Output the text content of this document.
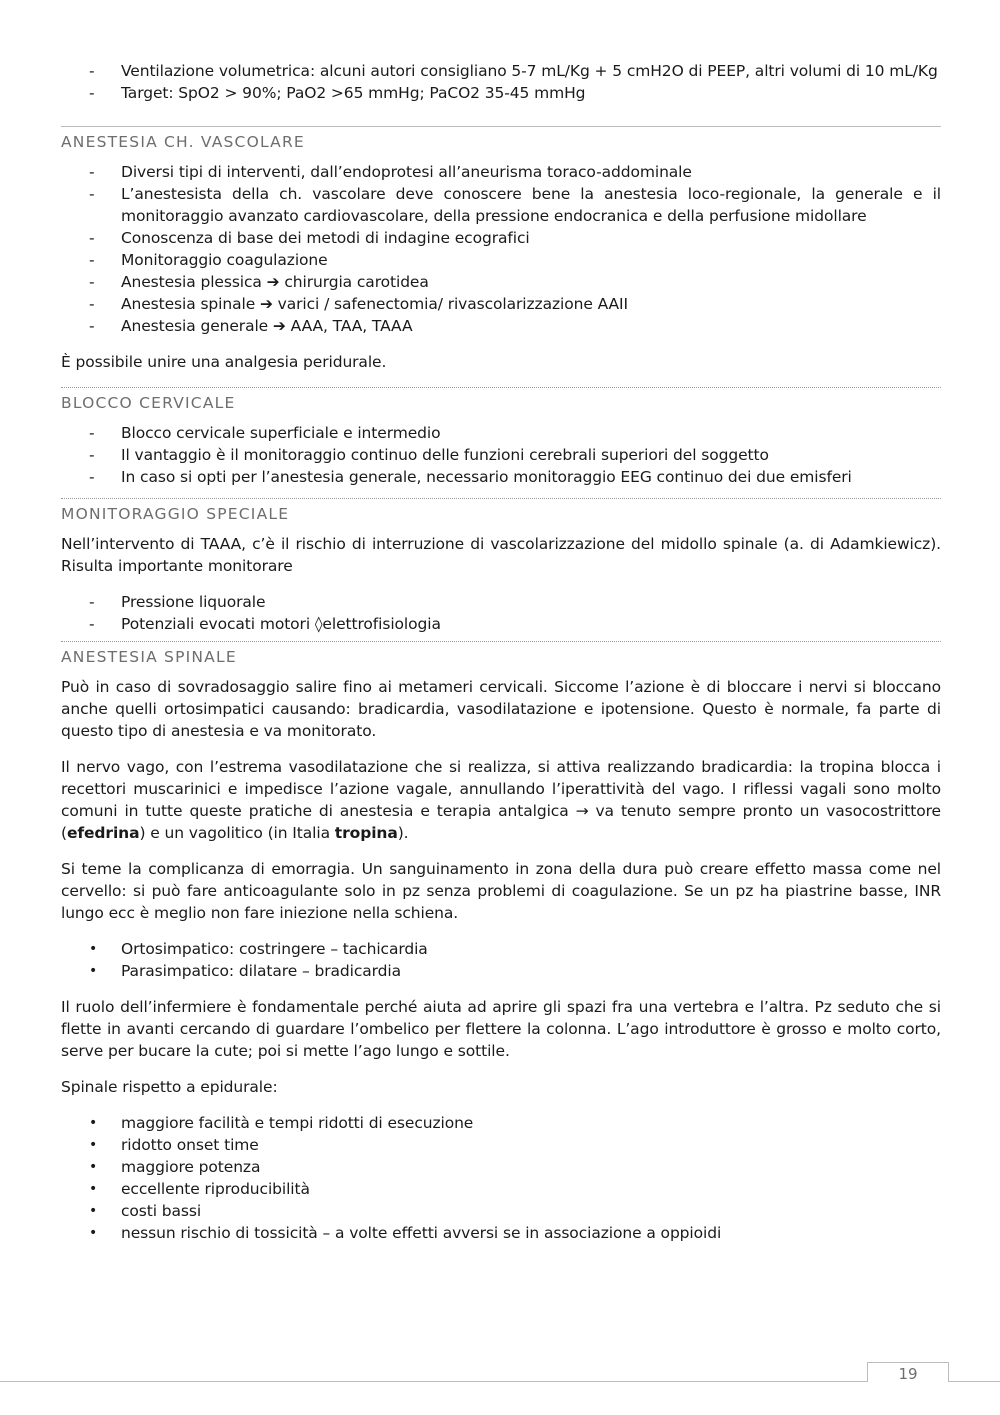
- Ventilazione volumetrica: alcuni autori consigliano 5-7 mL/Kg + 5 cmH2O di PEEP, altri volumi di 10 mL/Kg
- Target: SpO2 > 90%; PaO2 >65 mmHg; PaCO2 35-45 mmHg
ANESTESIA CH. VASCOLARE
- Diversi tipi di interventi, dall’endoprotesi all’aneurisma toraco-addominale
- L’anestesista della ch. vascolare deve conoscere bene la anestesia loco-regionale, la generale e il monitoraggio avanzato cardiovascolare, della pressione endocranica e della perfusione midollare
- Conoscenza di base dei metodi di indagine ecografici
- Monitoraggio coagulazione
- Anestesia plessica ➔ chirurgia carotidea
- Anestesia spinale ➔ varici / safenectomia/ rivascolarizzazione AAII
- Anestesia generale ➔ AAA, TAA, TAAA

È possibile unire una analgesia peridurale.

BLOCCO CERVICALE
- Blocco cervicale superficiale e intermedio
- Il vantaggio è il monitoraggio continuo delle funzioni cerebrali superiori del soggetto
- In caso si opti per l’anestesia generale, necessario monitoraggio EEG continuo dei due emisferi
MONITORAGGIO SPECIALE

Nell’intervento di TAAA, c’è il rischio di interruzione di vascolarizzazione del midollo spinale (a. di Adamkiewicz). Risulta importante monitorare

- Pressione liquorale
- Potenziali evocati motori ◊elettrofisiologia
ANESTESIA SPINALE

Può in caso di sovradosaggio salire fino ai metameri cervicali. Siccome l’azione è di bloccare i nervi si bloccano anche quelli ortosimpatici causando: bradicardia, vasodilatazione e ipotensione. Questo è normale, fa parte di questo tipo di anestesia e va monitorato.

Il nervo vago, con l’estrema vasodilatazione che si realizza, si attiva realizzando bradicardia: la tropina blocca i recettori muscarinici e impedisce l’azione vagale, annullando l’iperattività del vago. I riflessi vagali sono molto comuni in tutte queste pratiche di anestesia e terapia antalgica → va tenuto sempre pronto un vasocostrittore (efedrina) e un vagolitico (in Italia tropina).

Si teme la complicanza di emorragia. Un sanguinamento in zona della dura può creare effetto massa come nel cervello: si può fare anticoagulante solo in pz senza problemi di coagulazione. Se un pz ha piastrine basse, INR lungo ecc è meglio non fare iniezione nella schiena.

• Ortosimpatico: costringere – tachicardia
• Parasimpatico: dilatare – bradicardia

Il ruolo dell’infermiere è fondamentale perché aiuta ad aprire gli spazi fra una vertebra e l’altra. Pz seduto che si flette in avanti cercando di guardare l’ombelico per flettere la colonna. L’ago introduttore è grosso e molto corto, serve per bucare la cute; poi si mette l’ago lungo e sottile.

Spinale rispetto a epidurale:

• maggiore facilità e tempi ridotti di esecuzione
• ridotto onset time
• maggiore potenza
• eccellente riproducibilità
• costi bassi
• nessun rischio di tossicità – a volte effetti avversi se in associazione a oppioidi
19
